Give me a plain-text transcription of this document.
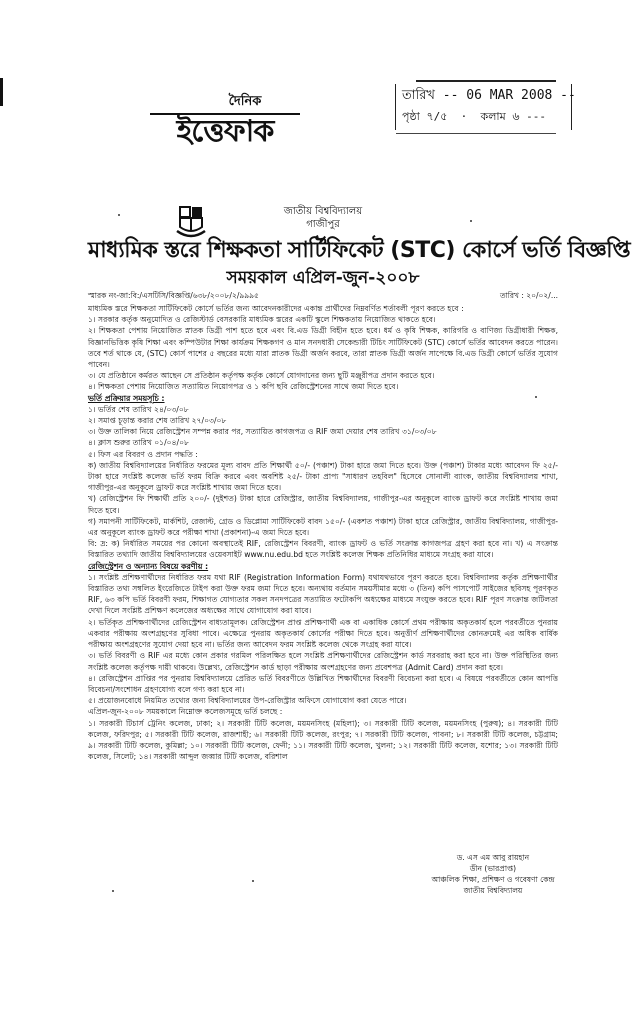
দৈনিক
ইত্তেফাক
তারিখ -- 06 MAR 2008 --
পৃষ্ঠা ৭/৫  ·  কলাম ৬ ---
জাতীয় বিশ্ববিদ্যালয়
গাজীপুর
মাধ্যমিক স্তরে শিক্ষকতা সার্টিফিকেট (STC) কোর্সে ভর্তি বিজ্ঞপ্তি
সময়কাল এপ্রিল-জুন-২০০৮
স্মারক নং-জা:বি:/এসটিসি/বিজ্ঞপ্তি/৬৩৮/২০০৮/২/৯৯৯৫	তারিখ : ২০/০২/...

মাধ্যমিক স্তরে শিক্ষকতা সার্টিফিকেট কোর্সে ভর্তির জন্য আবেদনকারীদের একান্ত প্রার্থীদের নিম্নবর্ণিত শর্তাবলী পূরণ করতে হবে :

১। সরকার কর্তৃক অনুমোদিত ও রেজিস্টার্ড বেসরকারি মাধ্যমিক স্তরের একটি স্কুলে শিক্ষকতায় নিয়োজিত থাকতে হবে।

২। শিক্ষকতা পেশায় নিয়োজিত স্নাতক ডিগ্রী পাশ হতে হবে এবং বি.এড ডিগ্রী বিহীন হতে হবে। ধর্ম ও কৃষি শিক্ষক, কারিগরি ও বাণিজ্য ডিগ্রীধারী শিক্ষক, বিজ্ঞানভিত্তিক কৃষি শিক্ষা এবং কম্পিউটার শিক্ষা কার্যক্রম শিক্ষকগণ ও মান সনদধারী সেকেন্ডারী টিচিং সার্টিফিকেট (STC) কোর্সে ভর্তির আবেদন করতে পারেন। তবে শর্ত থাকে যে, (STC) কোর্স পাশের ৫ বছরের মধ্যে যারা স্নাতক ডিগ্রী অর্জন করবে, তারা স্নাতক ডিগ্রী অর্জন সাপেক্ষে বি.এড ডিগ্রী কোর্সে ভর্তির সুযোগ পাবেন।

৩। যে প্রতিষ্ঠানে কর্মরত আছেন সে প্রতিষ্ঠান কর্তৃপক্ষ কর্তৃক কোর্সে যোগদানের জন্য ছুটি মঞ্জুরীপত্র প্রদান করতে হবে।

৪। শিক্ষকতা পেশায় নিয়োজিত সত্যায়িত নিয়োগপত্র ও ১ কপি ছবি রেজিস্ট্রেশনের সাথে জমা দিতে হবে।

ভর্তি প্রক্রিয়ার সময়সূচি :

১। ভর্তির শেষ তারিখ ২৪/০৩/০৮

২। সমাপ্ত চূড়ান্ত করার শেষ তারিখ ২৭/০৩/০৮

৩। উক্ত তালিকা নিয়ে রেজিস্ট্রেশন সম্পন্ন করার পর, সত্যায়িত কাগজপত্র ও RIF জমা দেয়ার শেষ তারিখ ৩১/০৩/০৮

৪। ক্লাস শুরুর তারিখ ০১/০৪/০৮

৫। ফিস এর বিবরণ ও প্রদান পদ্ধতি :

ক) জাতীয় বিশ্ববিদ্যালয়ের নির্ধারিত ফরমের মূল্য বাবদ প্রতি শিক্ষার্থী ৫০/- (পঞ্চাশ) টাকা হারে জমা দিতে হবে। উক্ত (পঞ্চাশ) টাকার মধ্যে আবেদন ফি ২৫/- টাকা হারে সংশ্লিষ্ট কলেজ ভর্তি ফরম বিক্রি করবে এবং অবশিষ্ট ২৫/- টাকা প্রাপ্য "সাধারণ তহবিল" হিসেবে সোনালী ব্যাংক, জাতীয় বিশ্ববিদ্যালয় শাখা, গাজীপুর-এর অনুকূলে ড্রাফট করে সংশ্লিষ্ট শাখায় জমা দিতে হবে।

খ) রেজিস্ট্রেশন ফি শিক্ষার্থী প্রতি ২০০/- (দুইশত) টাকা হারে রেজিস্ট্রার, জাতীয় বিশ্ববিদ্যালয়, গাজীপুর-এর অনুকূলে ব্যাংক ড্রাফট করে সংশ্লিষ্ট শাখায় জমা দিতে হবে।

গ) সমাপনী সার্টিফিকেট, মার্কশিট, রেজাল্ট, গ্রেড ও ডিপ্লোমা সার্টিফিকেট বাবদ ১৫০/- (একশত পঞ্চাশ) টাকা হারে রেজিস্ট্রার, জাতীয় বিশ্ববিদ্যালয়, গাজীপুর-এর অনুকূলে ব্যাংক ড্রাফট করে পরীক্ষা শাখা (প্রকাশনা)-এ জমা দিতে হবে।

বি: দ্র: ক) নির্ধারিত সময়ের পর কোনো অবস্থাতেই RIF, রেজিস্ট্রেশন বিবরণী, ব্যাংক ড্রাফট ও ভর্তি সংক্রান্ত কাগজপত্র গ্রহণ করা হবে না। খ) এ সংক্রান্ত বিস্তারিত তথ্যাদি জাতীয় বিশ্ববিদ্যালয়ের ওয়েবসাইট www.nu.edu.bd হতে সংশ্লিষ্ট কলেজ শিক্ষক প্রতিনিধির মাধ্যমে সংগ্রহ করা যাবে।

রেজিস্ট্রেশন ও অন্যান্য বিষয়ে করণীয় :

১। সংশ্লিষ্ট প্রশিক্ষণার্থীদের নির্ধারিত ফরম যথা RIF (Registration Information Form) যথাযথভাবে পূরণ করতে হবে। বিশ্ববিদ্যালয় কর্তৃক প্রশিক্ষণার্থীর বিস্তারিত তথ্য সম্বলিত ইংরেজিতে টাইপ করা উক্ত ফরম জমা দিতে হবে। অন্যথায় বর্তমান সময়সীমার মধ্যে ৩ (তিন) কপি পাসপোর্ট সাইজের ছবিসহ পূরণকৃত RIF, ৬৩ কপি ভর্তি বিবরণী ফরম, শিক্ষাগত যোগ্যতার সকল সনদপত্রের সত্যায়িত ফটোকপি অধ্যক্ষের মাধ্যমে সংযুক্ত করতে হবে। RIF পূরণ সংক্রান্ত জটিলতা দেখা দিলে সংশ্লিষ্ট প্রশিক্ষণ কলেজের অধ্যক্ষের সাথে যোগাযোগ করা যাবে।

২। ভর্তিকৃত প্রশিক্ষণার্থীদের রেজিস্ট্রেশন বাধ্যতামূলক। রেজিস্ট্রেশন প্রাপ্ত প্রশিক্ষণার্থী এক বা একাধিক কোর্সে প্রথম পরীক্ষায় অকৃতকার্য হলে পরবর্তীতে পুনরায় একবার পরীক্ষায় অংশগ্রহণের সুবিধা পাবে। এক্ষেত্রে পুনরায় অকৃতকার্য কোর্সের পরীক্ষা দিতে হবে। অনুত্তীর্ণ প্রশিক্ষণার্থীদের কোনক্রমেই এর অধিক বার্ষিক পরীক্ষায় অংশগ্রহণের সুযোগ দেয়া হবে না। ভর্তির জন্য আবেদন ফরম সংশ্লিষ্ট কলেজ থেকে সংগ্রহ করা যাবে।

৩। ভর্তি বিবরণী ও RIF এর মধ্যে কোন প্রকার গরমিল পরিলক্ষিত হলে সংশ্লিষ্ট প্রশিক্ষণার্থীদের রেজিস্ট্রেশন কার্ড সরবরাহ করা হবে না। উক্ত পরিস্থিতির জন্য সংশ্লিষ্ট কলেজ কর্তৃপক্ষ দায়ী থাকবে। উল্লেখ্য, রেজিস্ট্রেশন কার্ড ছাড়া পরীক্ষায় অংশগ্রহণের জন্য প্রবেশপত্র (Admit Card) প্রদান করা হবে।

৪। রেজিস্ট্রেশন প্রাপ্তির পর পুনরায় বিশ্ববিদ্যালয়ে প্রেরিত ভর্তি বিবরণীতে উল্লিখিত শিক্ষার্থীদের বিবরণী বিবেচনা করা হবে। এ বিষয়ে পরবর্তীতে কোন আপত্তি বিবেচনা/সংশোধন গ্রহণযোগ্য বলে গণ্য করা হবে না।

৫। প্রয়োজনবোধে নিয়মিত তথ্যের জন্য বিশ্ববিদ্যালয়ের উপ-রেজিস্ট্রার অফিসে যোগাযোগ করা যেতে পারে।

এপ্রিল-জুন-২০০৮ সময়কালে নিম্নোক্ত কলেজসমূহে ভর্তি চলছে :

১। সরকারী টিচার্স ট্রেনিং কলেজ, ঢাকা; ২। সরকারী টিটি কলেজ, ময়মনসিংহ (মহিলা); ৩। সরকারী টিটি কলেজ, ময়মনসিংহ (পুরুষ); ৪। সরকারী টিটি কলেজ, ফরিদপুর; ৫। সরকারী টিটি কলেজ, রাজশাহী; ৬। সরকারী টিটি কলেজ, রংপুর; ৭। সরকারী টিটি কলেজ, পাবনা; ৮। সরকারী টিটি কলেজ, চট্টগ্রাম; ৯। সরকারী টিটি কলেজ, কুমিল্লা; ১০। সরকারী টিটি কলেজ, ফেনী; ১১। সরকারী টিটি কলেজ, খুলনা; ১২। সরকারী টিটি কলেজ, যশোর; ১৩। সরকারী টিটি কলেজ, সিলেট; ১৪। সরকারী আব্দুল জব্বার টিটি কলেজ, বরিশাল

ড. এস এম আবু রায়হান
ডীন (ভারপ্রাপ্ত)
আঞ্চলিক শিক্ষা, প্রশিক্ষণ ও গবেষণা কেন্দ্র
জাতীয় বিশ্ববিদ্যালয়
